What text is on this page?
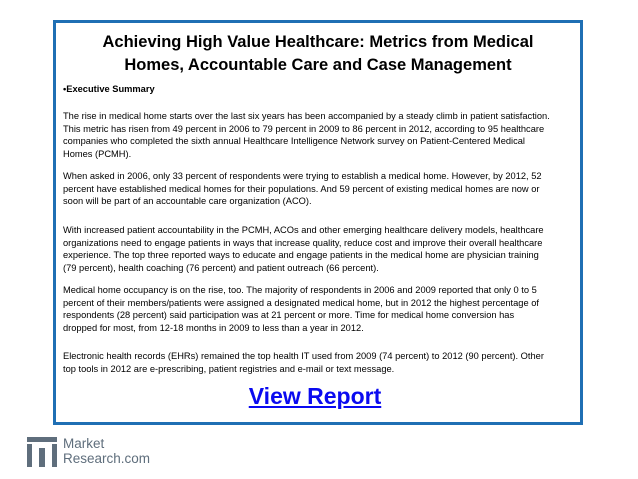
Achieving High Value Healthcare: Metrics from Medical
Homes, Accountable Care and Case Management
•Executive Summary
The rise in medical home starts over the last six years has been accompanied by a steady climb in patient satisfaction.
This metric has risen from 49 percent in 2006 to 79 percent in 2009 to 86 percent in 2012, according to 95 healthcare
companies who completed the sixth annual Healthcare Intelligence Network survey on Patient-Centered Medical
Homes (PCMH).
When asked in 2006, only 33 percent of respondents were trying to establish a medical home. However, by 2012, 52
percent have established medical homes for their populations. And 59 percent of existing medical homes are now or
soon will be part of an accountable care organization (ACO).
With increased patient accountability in the PCMH, ACOs and other emerging healthcare delivery models, healthcare
organizations need to engage patients in ways that increase quality, reduce cost and improve their overall healthcare
experience. The top three reported ways to educate and engage patients in the medical home are physician training
(79 percent), health coaching (76 percent) and patient outreach (66 percent).
Medical home occupancy is on the rise, too. The majority of respondents in 2006 and 2009 reported that only 0 to 5
percent of their members/patients were assigned a designated medical home, but in 2012 the highest percentage of
respondents (28 percent) said participation was at 21 percent or more. Time for medical home conversion has
dropped for most, from 12-18 months in 2009 to less than a year in 2012.
Electronic health records (EHRs) remained the top health IT used from 2009 (74 percent) to 2012 (90 percent). Other
top tools in 2012 are e-prescribing, patient registries and e-mail or text message.
View Report
Market
Research.com
